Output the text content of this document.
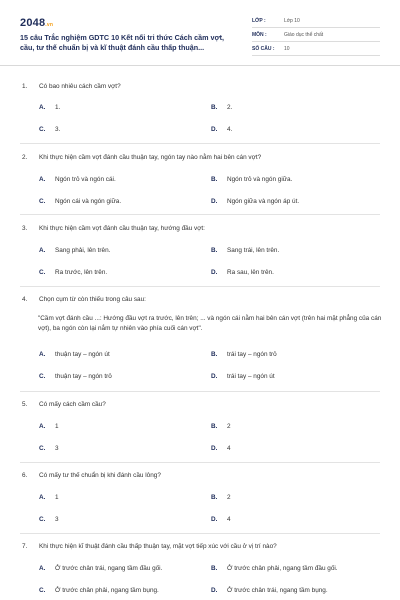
2048.vn
15 câu Trắc nghiệm GDTC 10 Kết nối tri thức Cách cầm vợt, cầu, tư thế chuẩn bị và kĩ thuật đánh cầu thấp thuận...
LỚP :	Lớp 10
MÔN :	Giáo dục thể chất
SỐ CÂU :	10
1. Có bao nhiêu cách cầm vợt?
A. 1.	B. 2.
C. 3.	D. 4.
2. Khi thực hiện cầm vợt đánh cầu thuận tay, ngón tay nào nằm hai bên cán vợt?
A. Ngón trỏ và ngón cái.	B. Ngón trỏ và ngón giữa.
C. Ngón cái và ngón giữa.	D. Ngón giữa và ngón áp út.
3. Khi thực hiện cầm vợt đánh cầu thuận tay, hướng đầu vợt:
A. Sang phải, lên trên.	B. Sang trái, lên trên.
C. Ra trước, lên trên.	D. Ra sau, lên trên.
4. Chọn cụm từ còn thiếu trong câu sau:
"Cầm vợt đánh cầu ...: Hướng đầu vợt ra trước, lên trên; ... và ngón cái nằm hai bên cán vợt (trên hai mặt phẳng của cán vợt), ba ngón còn lại nắm tự nhiên vào phía cuối cán vợt".
A. thuận tay – ngón út	B. trái tay – ngón trỏ
C. thuận tay – ngón trỏ	D. trái tay – ngón út
5. Có mấy cách cầm cầu?
A. 1	B. 2
C. 3	D. 4
6. Có mấy tư thế chuẩn bị khi đánh cầu lông?
A. 1	B. 2
C. 3	D. 4
7. Khi thực hiện kĩ thuật đánh cầu thấp thuận tay, mặt vợt tiếp xúc với cầu ở vị trí nào?
A. Ở trước chân trái, ngang tầm đầu gối.	B. Ở trước chân phải, ngang tầm đầu gối.
C. Ở trước chân phải, ngang tầm bụng.	D. Ở trước chân trái, ngang tầm bụng.
